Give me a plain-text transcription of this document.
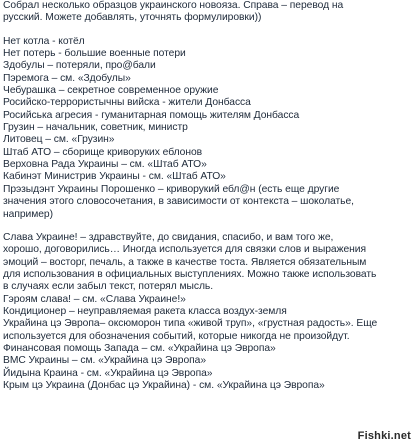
Собрал несколько образцов украинского новояза. Справа – перевод на
русский. Можете добавлять, уточнять формулировки))
Нет котла - котёл
Нет потерь - большие военные потери
Здобулы – потеряли, про@бали
Пэремога – см. «Здобулы»
Чебурашка – секретное современное оружие
Росийско-террористычны вийска - жители Донбасса
Росийська агресия - гуманитарная помощь жителям Донбасса
Грузин – начальник, советник, министр
Литовец – см. «Грузин»
Штаб АТО – сборище криворуких еблонов
Верховна Рада Украины – см. «Штаб АТО»
Кабинэт Министрив Украины - см. «Штаб АТО»
Прэзыдэнт Украины Порошенко – криворукий ебл@н (есть еще другие
значения этого словосочетания, в зависимости от контекста – шоколатье,
например)
Слава Украине! – здравствуйте, до свидания, спасибо, и вам того же,
хорошо, договорились… Иногда используется для связки слов и выражения
эмоций – восторг, печаль, а также в качестве тоста. Является обязательным
для использования в официальных выступлениях. Можно также использовать
в случаях если забыл текст, потерял мысль.
Гэроям слава! – см. «Слава Украине!»
Кондиционер – неуправляемая ракета класса воздух-земля
Украйина цэ Эвропа– оксюморон типа «живой труп», «грустная радость». Еще
используется для обозначения событий, которые никогда не произойдут.
Финансовая помощь Запада – см. «Украйина цэ Эвропа»
ВМС Украины – см. «Украйина цэ Эвропа»
Йидына Краина - см. «Украйина цэ Эвропа»
Крым цэ Украина (Донбас цэ Украйина) - см. «Украйина цэ Эвропа»
Fishki.net
